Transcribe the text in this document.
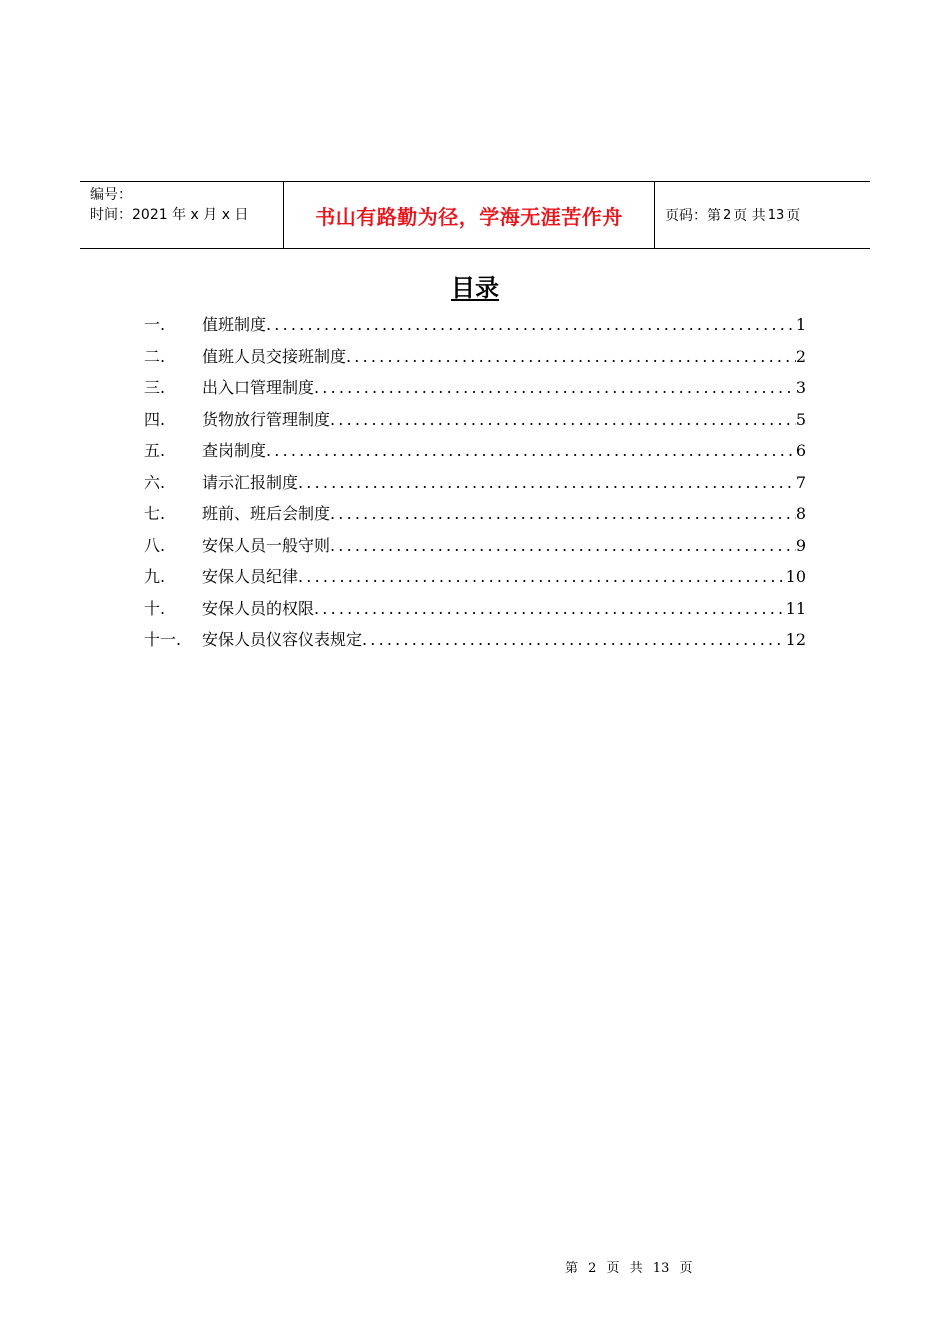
编号：
时间：2021 年 x 月 x 日	书山有路勤为径，学海无涯苦作舟	页码：第 2 页 共 13 页
目录
一.	值班制度 .....	1
二.	值班人员交接班制度 .....	2
三.	出入口管理制度 .....	3
四.	货物放行管理制度 .....	5
五.	查岗制度 .....	6
六.	请示汇报制度 .....	7
七.	班前、班后会制度 .....	8
八.	安保人员一般守则 .....	9
九.	安保人员纪律 .....	10
十.	安保人员的权限 .....	11
十一.	安保人员仪容仪表规定 .....	12
第 2 页 共 13 页
